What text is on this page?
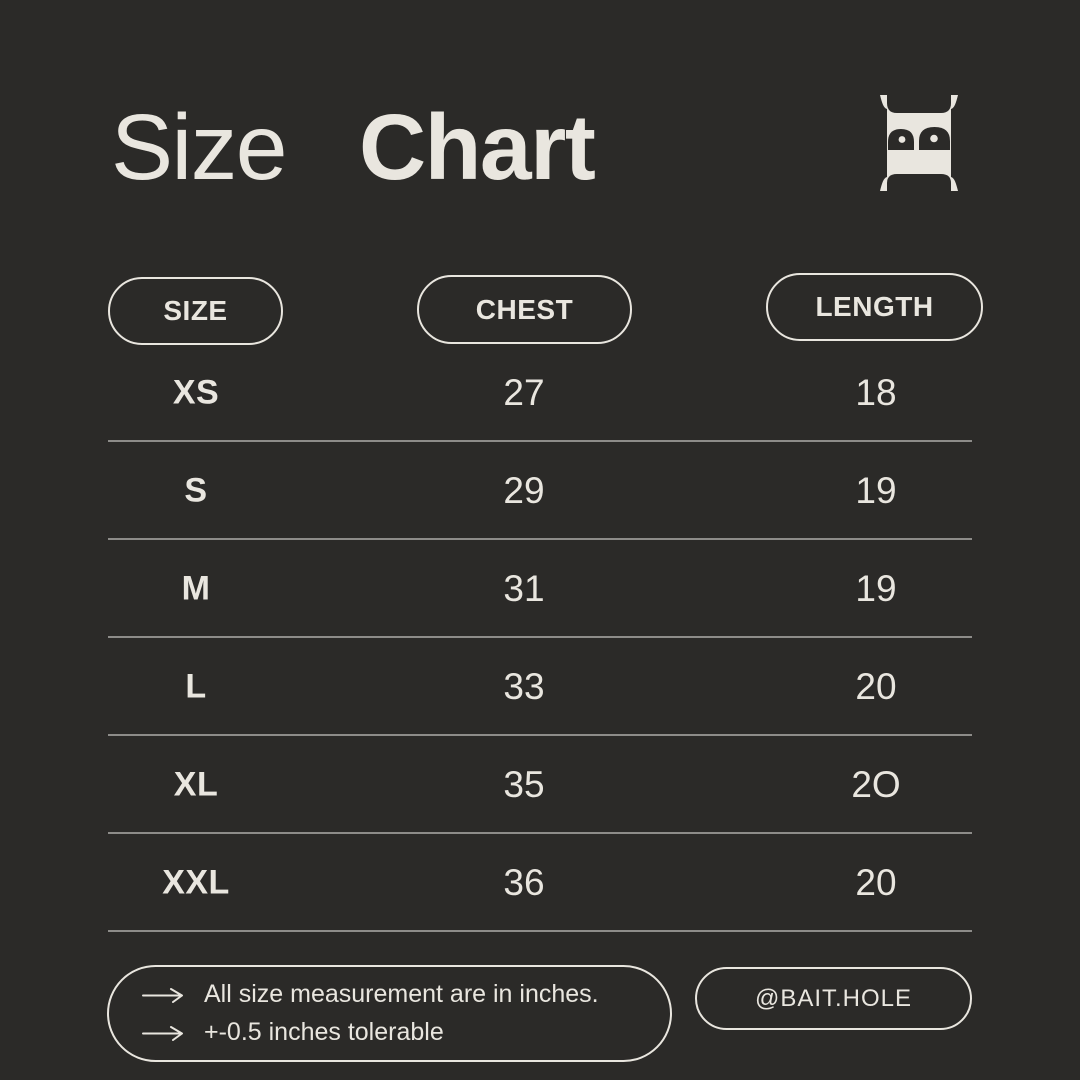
Size Chart
SIZE	CHEST	LENGTH
XS	27	18
S	29	19
M	31	19
L	33	20
XL	35	2O
XXL	36	20
All size measurement are in inches.
+-0.5 inches tolerable
@BAIT.HOLE
